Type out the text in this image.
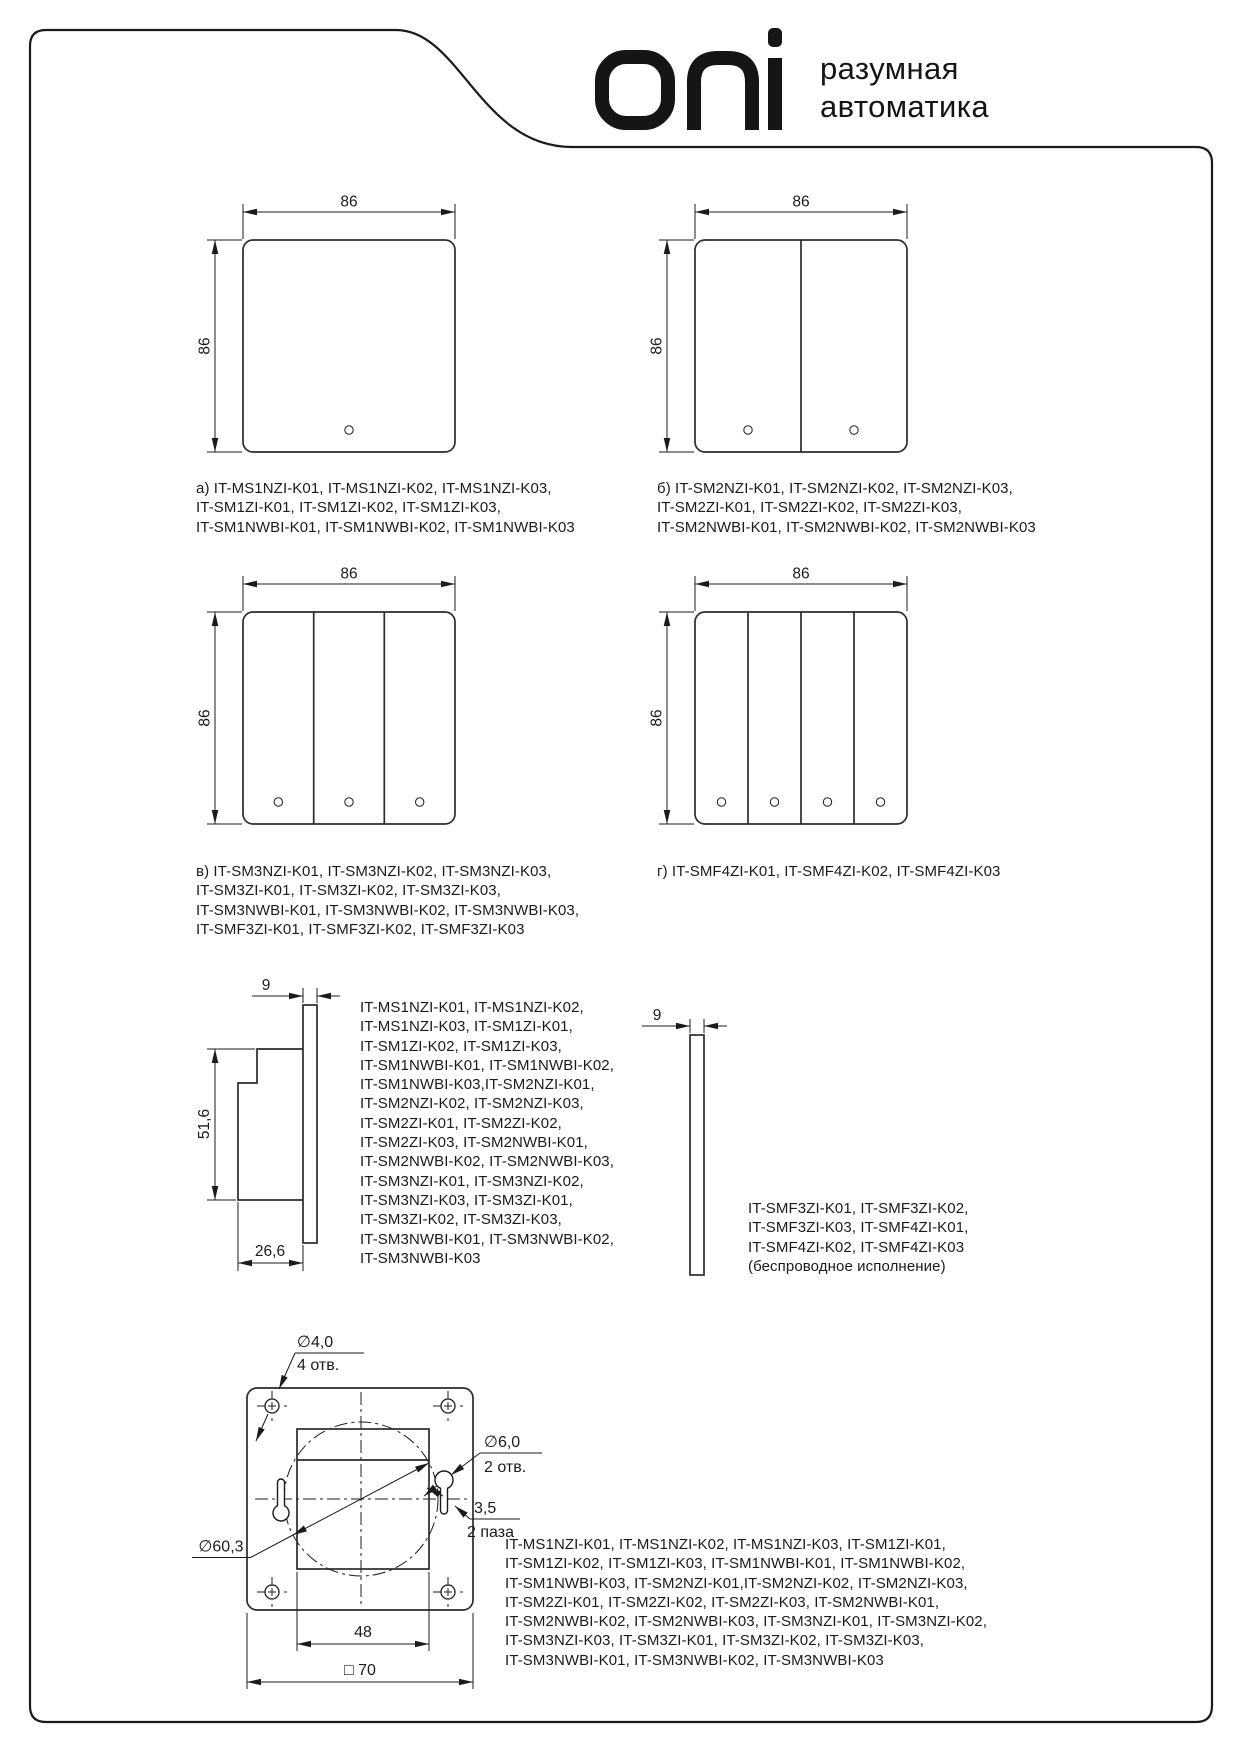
86
86
86
86
86
86
86
86
9
51,6
26,6
9
∅4,0
4 отв.
∅60,3
∅6,0
2 отв.
3,5
2 паза
48
□ 70
разумная
автоматика
а) IT-MS1NZI-K01, IT-MS1NZI-K02, IT-MS1NZI-K03,
IT-SM1ZI-K01, IT-SM1ZI-K02, IT-SM1ZI-K03,
IT-SM1NWBI-K01, IT-SM1NWBI-K02, IT-SM1NWBI-K03
б) IT-SM2NZI-K01, IT-SM2NZI-K02, IT-SM2NZI-K03,
IT-SM2ZI-K01, IT-SM2ZI-K02, IT-SM2ZI-K03,
IT-SM2NWBI-K01, IT-SM2NWBI-K02, IT-SM2NWBI-K03
в) IT-SM3NZI-K01, IT-SM3NZI-K02, IT-SM3NZI-K03,
IT-SM3ZI-K01, IT-SM3ZI-K02, IT-SM3ZI-K03,
IT-SM3NWBI-K01, IT-SM3NWBI-K02, IT-SM3NWBI-K03,
IT-SMF3ZI-K01, IT-SMF3ZI-K02, IT-SMF3ZI-K03
г) IT-SMF4ZI-K01, IT-SMF4ZI-K02, IT-SMF4ZI-K03
IT-MS1NZI-K01, IT-MS1NZI-K02,
IT-MS1NZI-K03, IT-SM1ZI-K01,
IT-SM1ZI-K02, IT-SM1ZI-K03,
IT-SM1NWBI-K01, IT-SM1NWBI-K02,
IT-SM1NWBI-K03,IT-SM2NZI-K01,
IT-SM2NZI-K02, IT-SM2NZI-K03,
IT-SM2ZI-K01, IT-SM2ZI-K02,
IT-SM2ZI-K03, IT-SM2NWBI-K01,
IT-SM2NWBI-K02, IT-SM2NWBI-K03,
IT-SM3NZI-K01, IT-SM3NZI-K02,
IT-SM3NZI-K03, IT-SM3ZI-K01,
IT-SM3ZI-K02, IT-SM3ZI-K03,
IT-SM3NWBI-K01, IT-SM3NWBI-K02,
IT-SM3NWBI-K03
IT-SMF3ZI-K01, IT-SMF3ZI-K02,
IT-SMF3ZI-K03, IT-SMF4ZI-K01,
IT-SMF4ZI-K02, IT-SMF4ZI-K03
(беспроводное исполнение)
IT-MS1NZI-K01, IT-MS1NZI-K02, IT-MS1NZI-K03, IT-SM1ZI-K01,
IT-SM1ZI-K02, IT-SM1ZI-K03, IT-SM1NWBI-K01, IT-SM1NWBI-K02,
IT-SM1NWBI-K03, IT-SM2NZI-K01,IT-SM2NZI-K02, IT-SM2NZI-K03,
IT-SM2ZI-K01, IT-SM2ZI-K02, IT-SM2ZI-K03, IT-SM2NWBI-K01,
IT-SM2NWBI-K02, IT-SM2NWBI-K03, IT-SM3NZI-K01, IT-SM3NZI-K02,
IT-SM3NZI-K03, IT-SM3ZI-K01, IT-SM3ZI-K02, IT-SM3ZI-K03,
IT-SM3NWBI-K01, IT-SM3NWBI-K02, IT-SM3NWBI-K03
